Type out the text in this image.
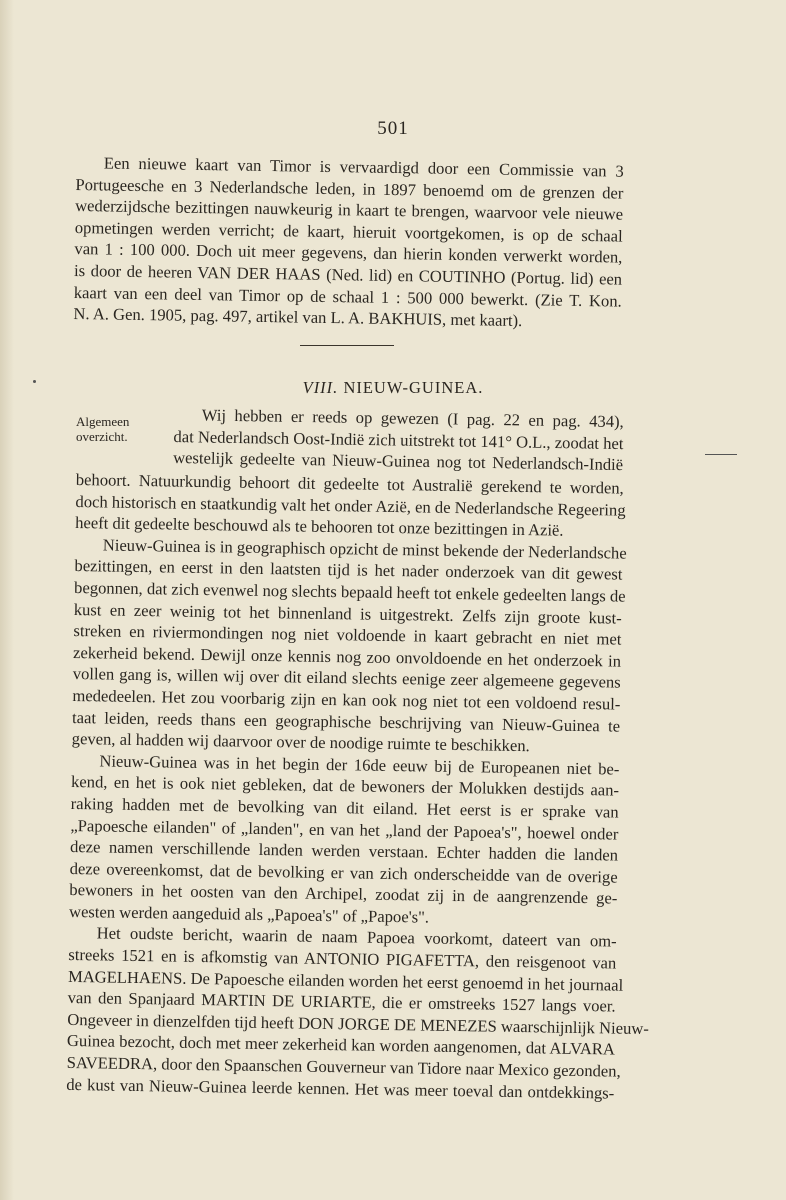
501
Een nieuwe kaart van Timor is vervaardigd door een Commissie van 3
Portugeesche en 3 Nederlandsche leden, in 1897 benoemd om de grenzen der
wederzijdsche bezittingen nauwkeurig in kaart te brengen, waarvoor vele nieuwe
opmetingen werden verricht; de kaart, hieruit voortgekomen, is op de schaal
van 1 : 100 000. Doch uit meer gegevens, dan hierin konden verwerkt worden,
is door de heeren VAN DER HAAS (Ned. lid) en COUTINHO (Portug. lid) een
kaart van een deel van Timor op de schaal 1 : 500 000 bewerkt. (Zie T. Kon.
N. A. Gen. 1905, pag. 497, artikel van L. A. BAKHUIS, met kaart).
VIII. NIEUW-GUINEA.
Algemeen overzicht.
Wij hebben er reeds op gewezen (I pag. 22 en pag. 434),
dat Nederlandsch Oost-Indië zich uitstrekt tot 141° O.L., zoodat het
westelijk gedeelte van Nieuw-Guinea nog tot Nederlandsch-Indië
behoort. Natuurkundig behoort dit gedeelte tot Australië gerekend te worden,
doch historisch en staatkundig valt het onder Azië, en de Nederlandsche Regeering
heeft dit gedeelte beschouwd als te behooren tot onze bezittingen in Azië.
Nieuw-Guinea is in geographisch opzicht de minst bekende der Nederlandsche
bezittingen, en eerst in den laatsten tijd is het nader onderzoek van dit gewest
begonnen, dat zich evenwel nog slechts bepaald heeft tot enkele gedeelten langs de
kust en zeer weinig tot het binnenland is uitgestrekt. Zelfs zijn groote kust-
streken en riviermondingen nog niet voldoende in kaart gebracht en niet met
zekerheid bekend. Dewijl onze kennis nog zoo onvoldoende en het onderzoek in
vollen gang is, willen wij over dit eiland slechts eenige zeer algemeene gegevens
mededeelen. Het zou voorbarig zijn en kan ook nog niet tot een voldoend resul-
taat leiden, reeds thans een geographische beschrijving van Nieuw-Guinea te
geven, al hadden wij daarvoor over de noodige ruimte te beschikken.
Nieuw-Guinea was in het begin der 16de eeuw bij de Europeanen niet be-
kend, en het is ook niet gebleken, dat de bewoners der Molukken destijds aan-
raking hadden met de bevolking van dit eiland. Het eerst is er sprake van
„Papoesche eilanden" of „landen", en van het „land der Papoea's", hoewel onder
deze namen verschillende landen werden verstaan. Echter hadden die landen
deze overeenkomst, dat de bevolking er van zich onderscheidde van de overige
bewoners in het oosten van den Archipel, zoodat zij in de aangrenzende ge-
westen werden aangeduid als „Papoea's" of „Papoe's".
Het oudste bericht, waarin de naam Papoea voorkomt, dateert van om-
streeks 1521 en is afkomstig van ANTONIO PIGAFETTA, den reisgenoot van
MAGELHAENS. De Papoesche eilanden worden het eerst genoemd in het journaal
van den Spanjaard MARTIN DE URIARTE, die er omstreeks 1527 langs voer.
Ongeveer in dienzelfden tijd heeft DON JORGE DE MENEZES waarschijnlijk Nieuw-
Guinea bezocht, doch met meer zekerheid kan worden aangenomen, dat ALVARA
SAVEEDRA, door den Spaanschen Gouverneur van Tidore naar Mexico gezonden,
de kust van Nieuw-Guinea leerde kennen. Het was meer toeval dan ontdekkings-
